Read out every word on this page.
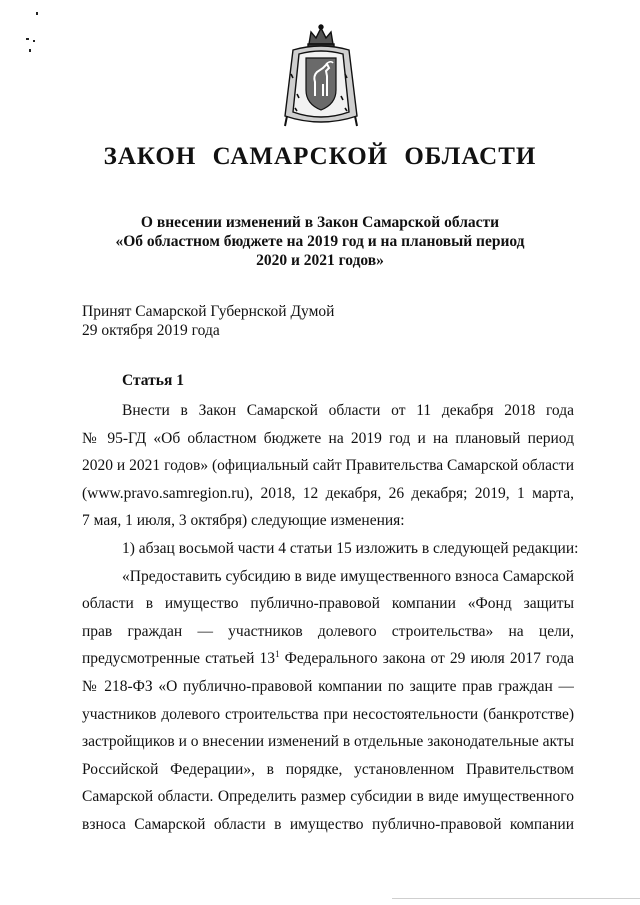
ЗАКОН САМАРСКОЙ ОБЛАСТИ
О внесении изменений в Закон Самарской области
«Об областном бюджете на 2019 год и на плановый период
2020 и 2021 годов»
Принят Самарской Губернской Думой
29 октября 2019 года
Статья 1
Внести в Закон Самарской области от 11 декабря 2018 года
№ 95-ГД «Об областном бюджете на 2019 год и на плановый период
2020 и 2021 годов» (официальный сайт Правительства Самарской области
(www.pravo.samregion.ru), 2018, 12 декабря, 26 декабря; 2019, 1 марта,
7 мая, 1 июля, 3 октября) следующие изменения:
1) абзац восьмой части 4 статьи 15 изложить в следующей редакции:
«Предоставить субсидию в виде имущественного взноса Самарской
области в имущество публично-правовой компании «Фонд защиты
прав граждан — участников долевого строительства» на цели,
предусмотренные статьей $13^1$ Федерального закона от 29 июля 2017 года
№ 218-ФЗ «О публично-правовой компании по защите прав граждан —
участников долевого строительства при несостоятельности (банкротстве)
застройщиков и о внесении изменений в отдельные законодательные акты
Российской Федерации», в порядке, установленном Правительством
Самарской области. Определить размер субсидии в виде имущественного
взноса Самарской области в имущество публично-правовой компании
